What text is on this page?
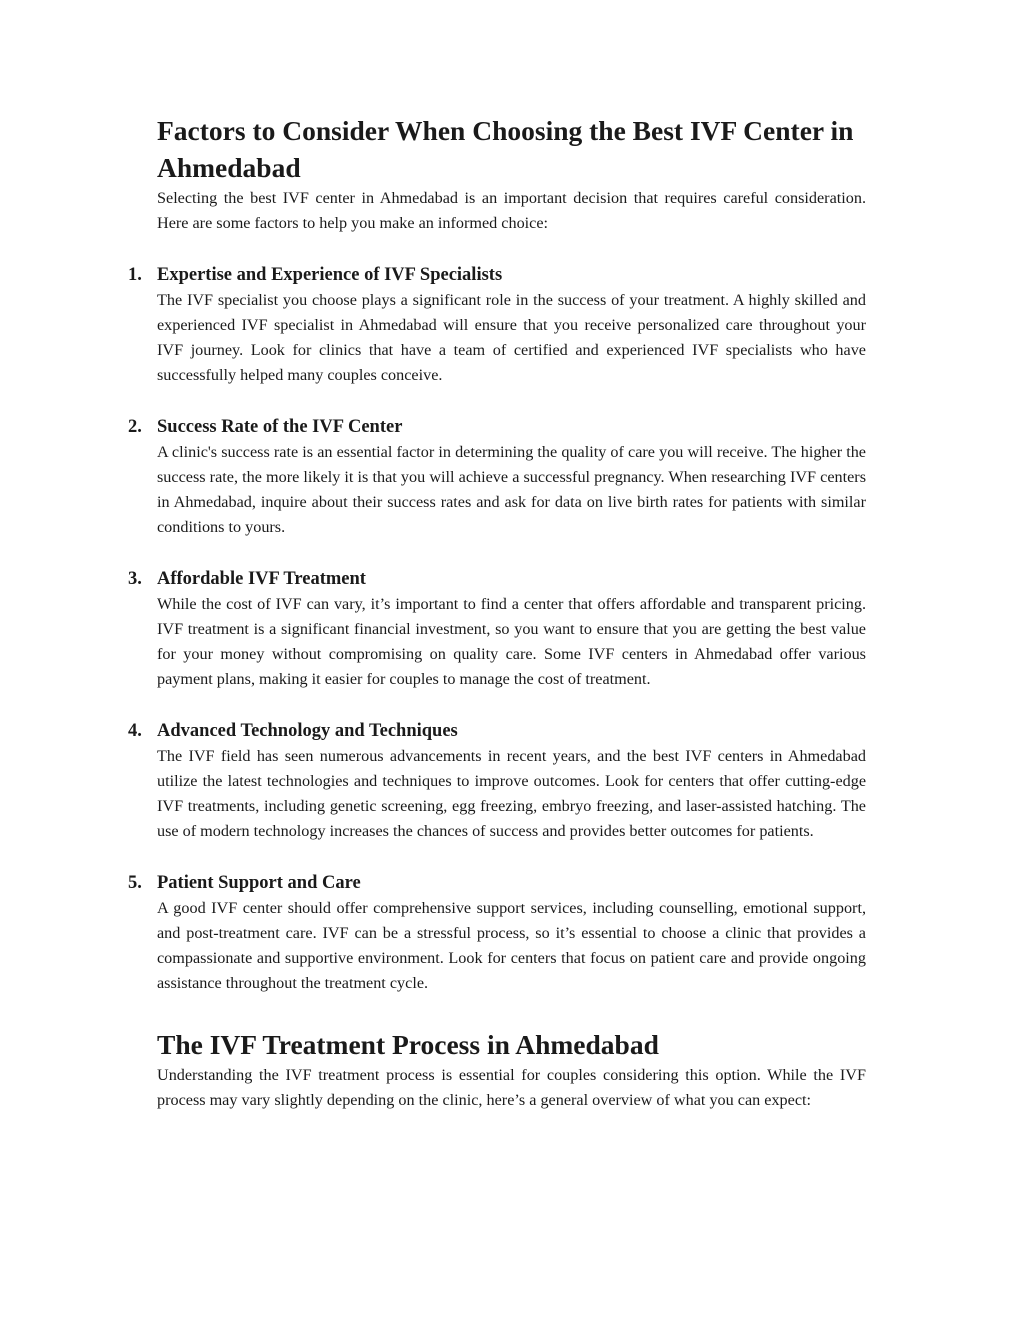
Factors to Consider When Choosing the Best IVF Center in Ahmedabad

Selecting the best IVF center in Ahmedabad is an important decision that requires careful consideration. Here are some factors to help you make an informed choice:

1. Expertise and Experience of IVF Specialists

The IVF specialist you choose plays a significant role in the success of your treatment. A highly skilled and experienced IVF specialist in Ahmedabad will ensure that you receive personalized care throughout your IVF journey. Look for clinics that have a team of certified and experienced IVF specialists who have successfully helped many couples conceive.

2. Success Rate of the IVF Center

A clinic's success rate is an essential factor in determining the quality of care you will receive. The higher the success rate, the more likely it is that you will achieve a successful pregnancy. When researching IVF centers in Ahmedabad, inquire about their success rates and ask for data on live birth rates for patients with similar conditions to yours.

3. Affordable IVF Treatment

While the cost of IVF can vary, it’s important to find a center that offers affordable and transparent pricing. IVF treatment is a significant financial investment, so you want to ensure that you are getting the best value for your money without compromising on quality care. Some IVF centers in Ahmedabad offer various payment plans, making it easier for couples to manage the cost of treatment.

4. Advanced Technology and Techniques

The IVF field has seen numerous advancements in recent years, and the best IVF centers in Ahmedabad utilize the latest technologies and techniques to improve outcomes. Look for centers that offer cutting-edge IVF treatments, including genetic screening, egg freezing, embryo freezing, and laser-assisted hatching. The use of modern technology increases the chances of success and provides better outcomes for patients.

5. Patient Support and Care

A good IVF center should offer comprehensive support services, including counselling, emotional support, and post-treatment care. IVF can be a stressful process, so it’s essential to choose a clinic that provides a compassionate and supportive environment. Look for centers that focus on patient care and provide ongoing assistance throughout the treatment cycle.

The IVF Treatment Process in Ahmedabad

Understanding the IVF treatment process is essential for couples considering this option. While the IVF process may vary slightly depending on the clinic, here’s a general overview of what you can expect:
